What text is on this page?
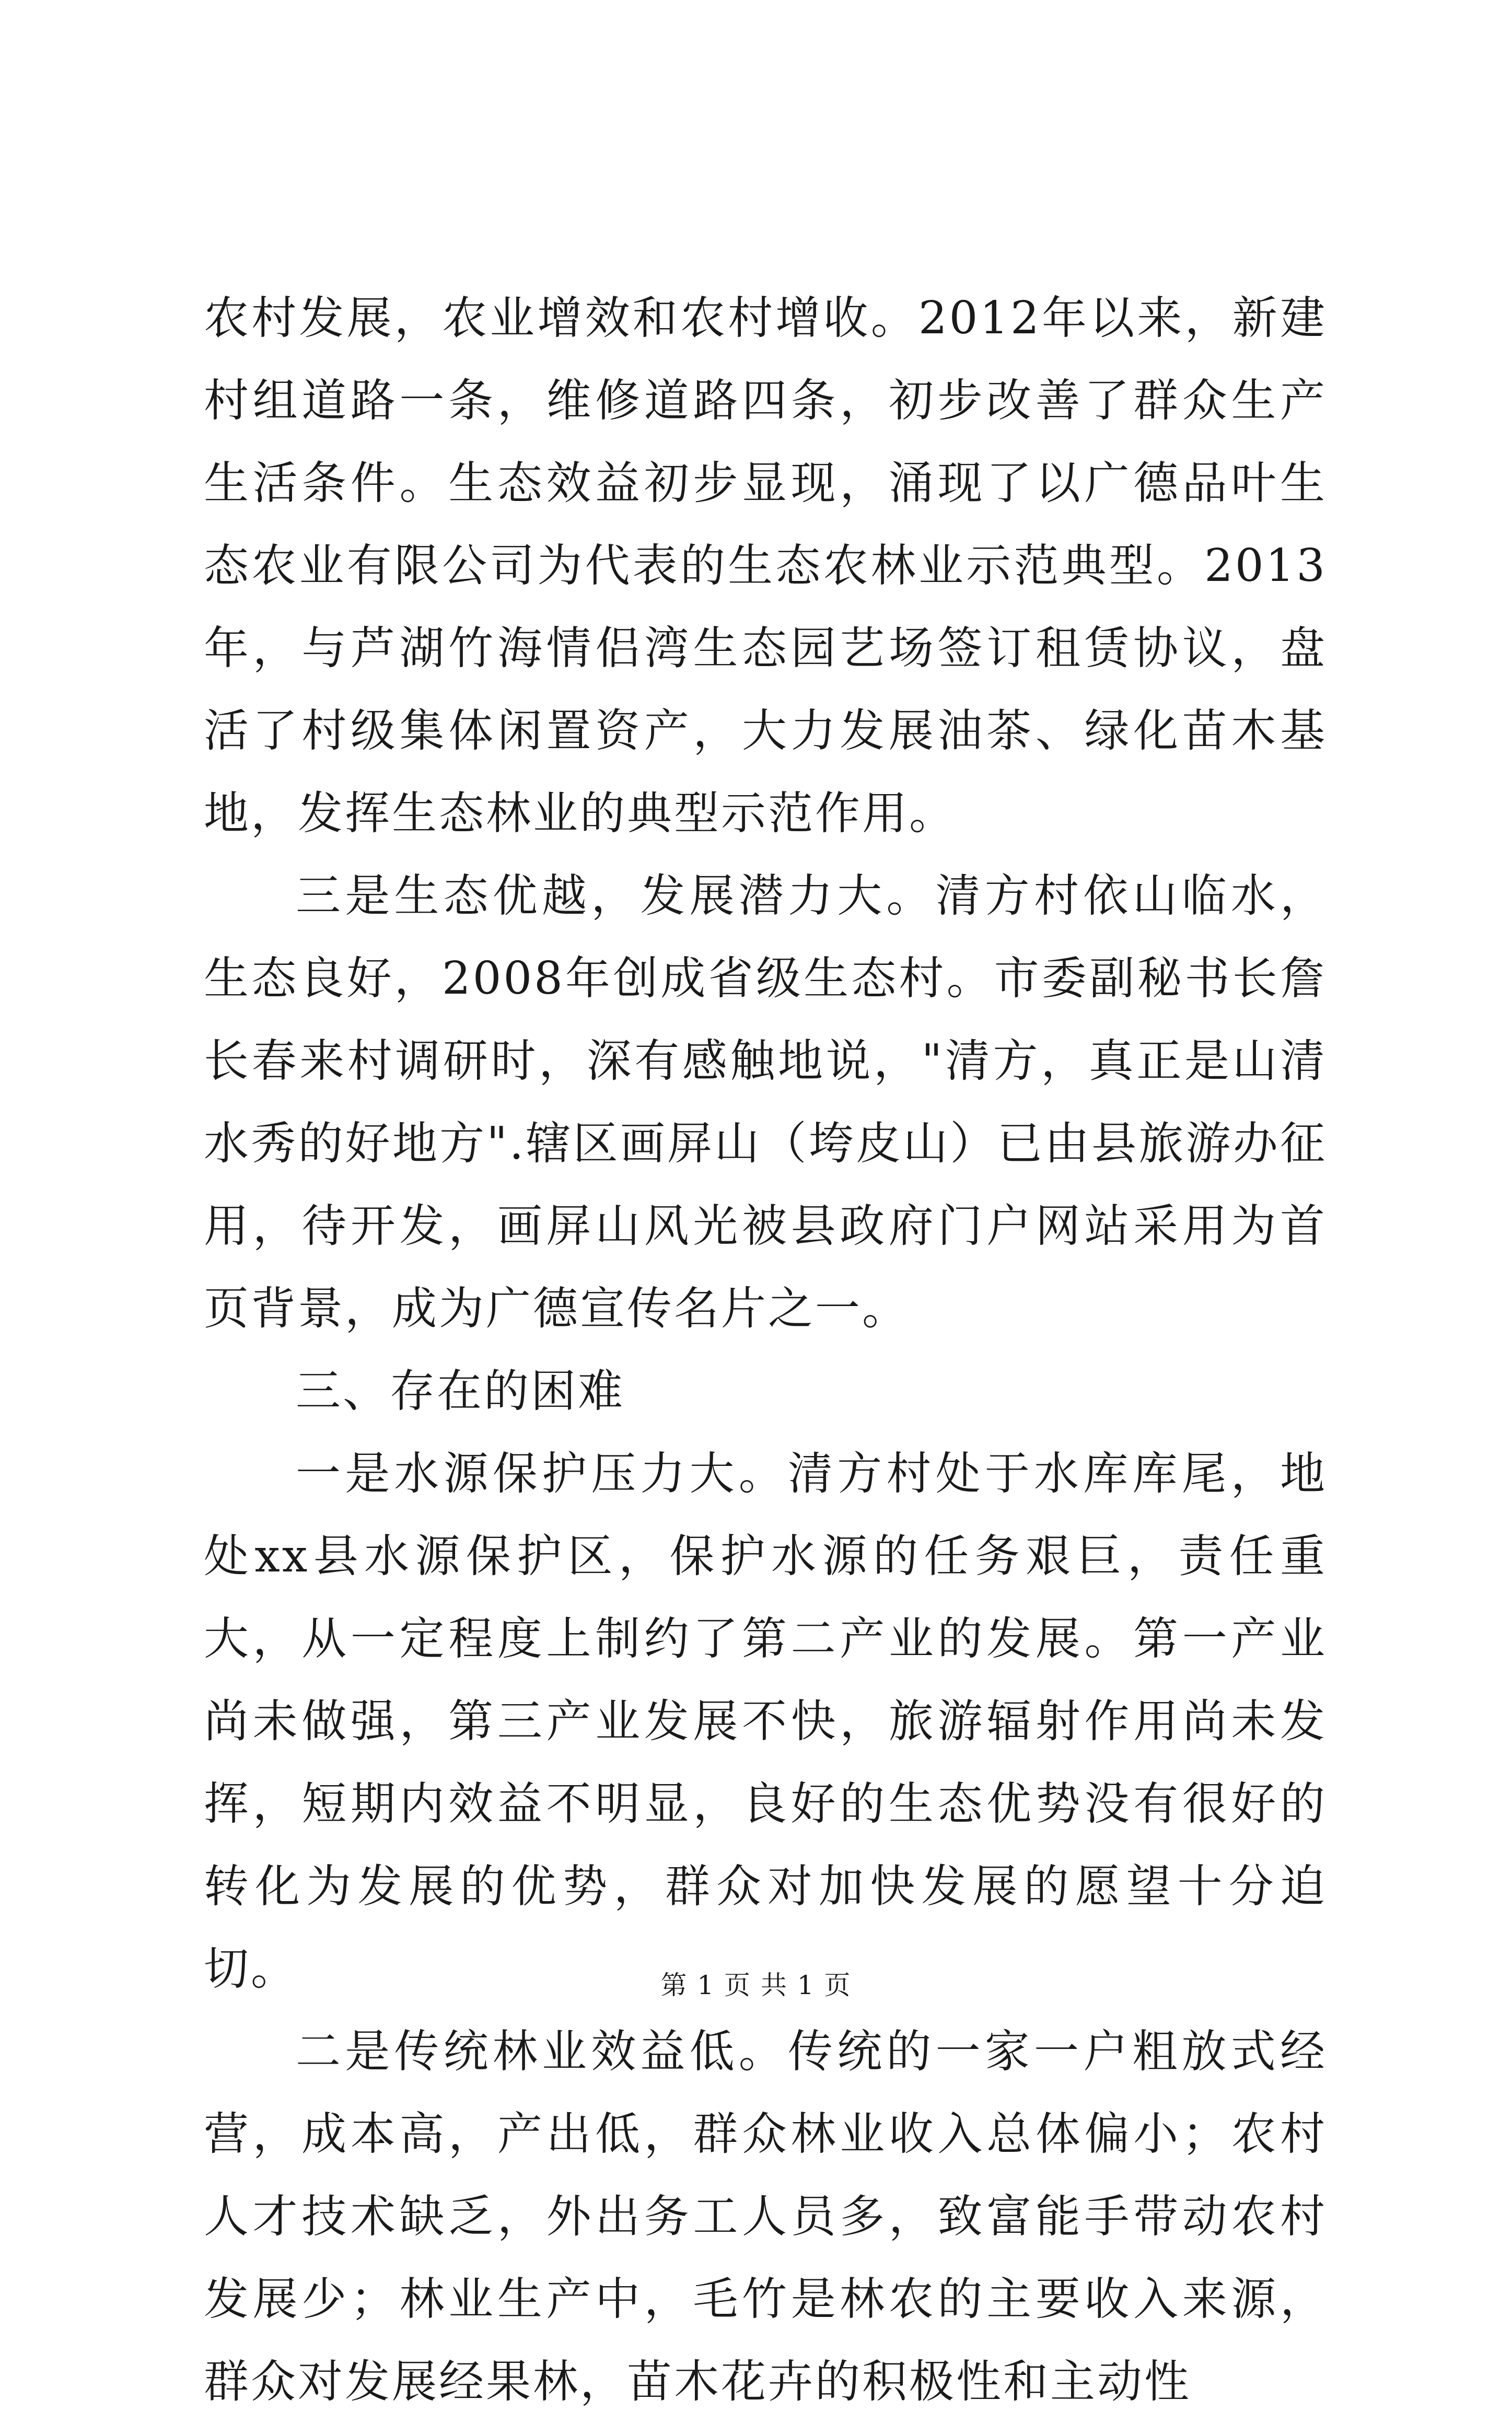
农村发展，农业增效和农村增收。2012年以来，新建村组道路一条，维修道路四条，初步改善了群众生产生活条件。生态效益初步显现，涌现了以广德品叶生态农业有限公司为代表的生态农林业示范典型。2013年，与芦湖竹海情侣湾生态园艺场签订租赁协议，盘活了村级集体闲置资产，大力发展油茶、绿化苗木基地，发挥生态林业的典型示范作用。

三是生态优越，发展潜力大。清方村依山临水，生态良好，2008年创成省级生态村。市委副秘书长詹长春来村调研时，深有感触地说，"清方，真正是山清水秀的好地方".辖区画屏山（垮皮山）已由县旅游办征用，待开发，画屏山风光被县政府门户网站采用为首页背景，成为广德宣传名片之一。

三、存在的困难

一是水源保护压力大。清方村处于水库库尾，地处xx县水源保护区，保护水源的任务艰巨，责任重大，从一定程度上制约了第二产业的发展。第一产业尚未做强，第三产业发展不快，旅游辐射作用尚未发挥，短期内效益不明显，良好的生态优势没有很好的转化为发展的优势，群众对加快发展的愿望十分迫切。

二是传统林业效益低。传统的一家一户粗放式经营，成本高，产出低，群众林业收入总体偏小；农村人才技术缺乏，外出务工人员多，致富能手带动农村发展少；林业生产中，毛竹是林农的主要收入来源，群众对发展经果林，苗木花卉的积极性和主动性

第 1 页 共 1 页
